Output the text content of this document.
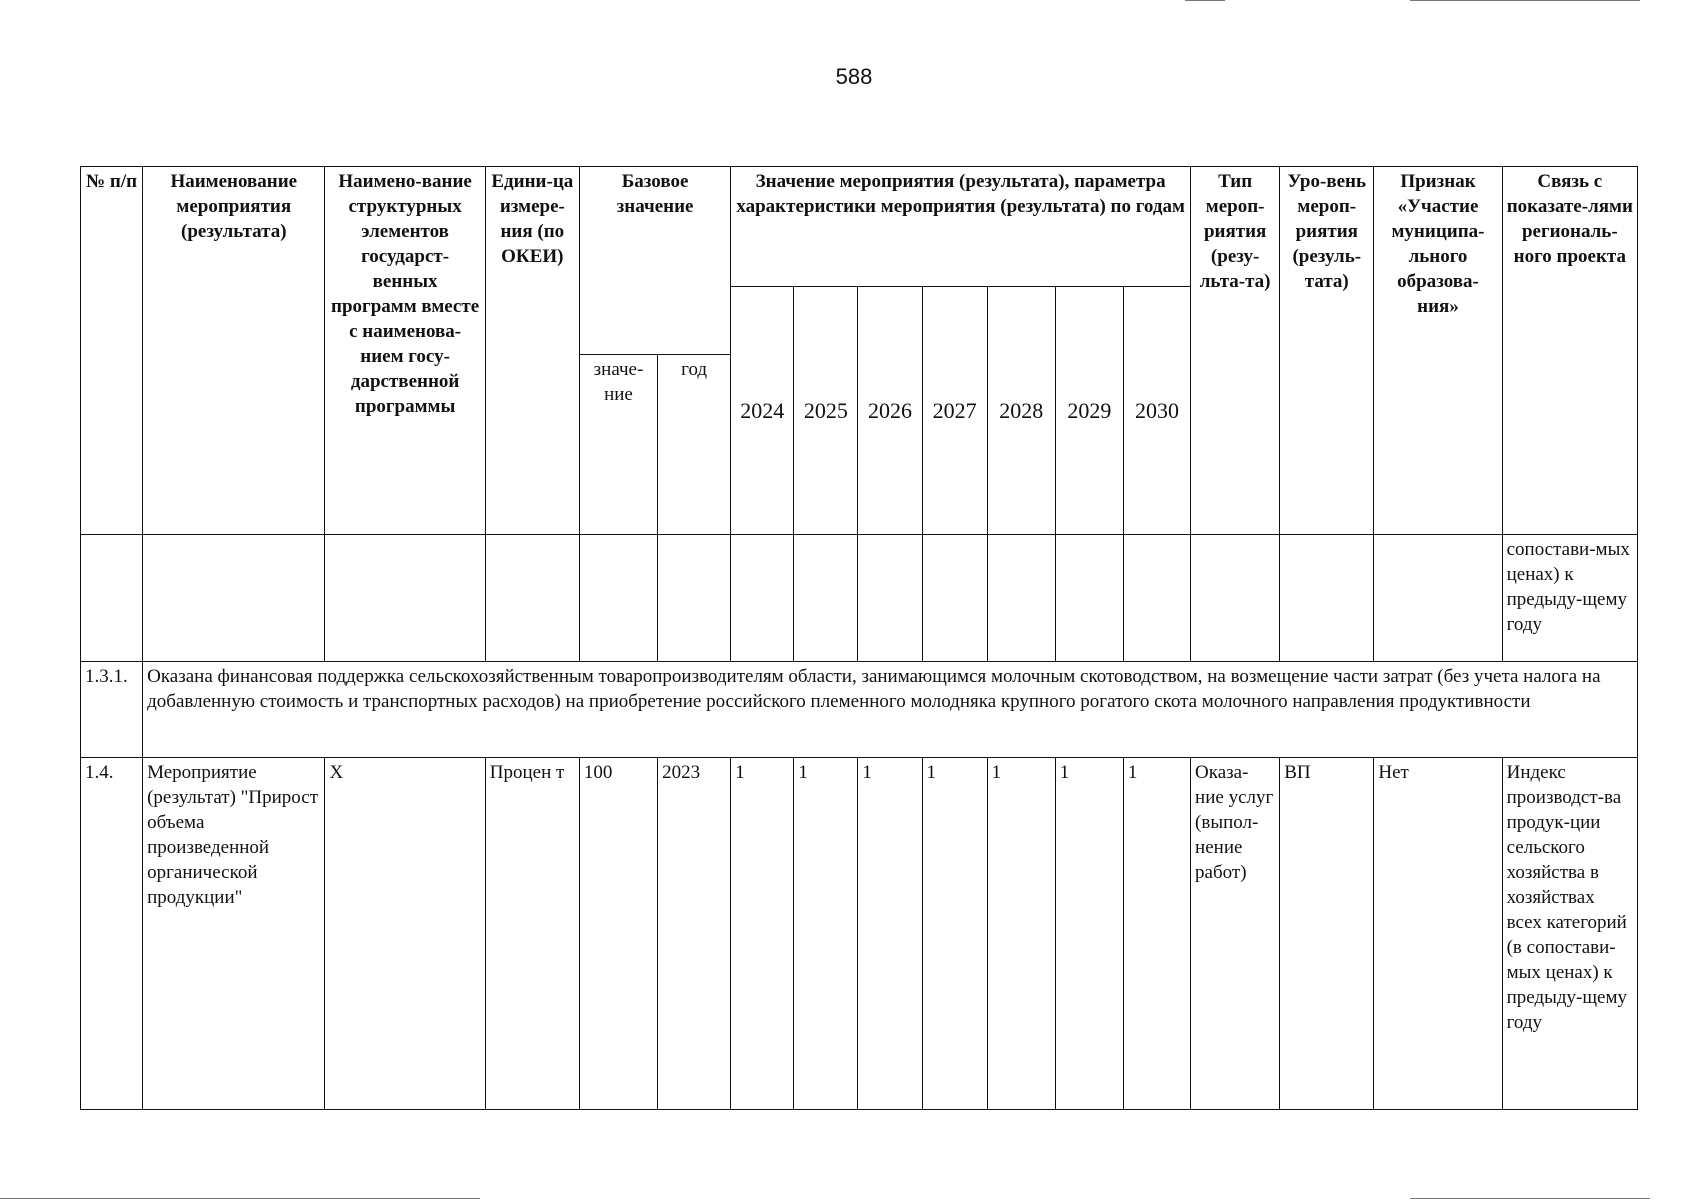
588
№ п/п	Наименование мероприятия (результата)	Наимено-вание структурных элементов государст-венных программ вместе с наименова-нием госу-дарственной программы	Едини-ца измере-ния (по ОКЕИ)	Базовое значение		Значение мероприятия (результата), параметра характеристики мероприятия (результата) по годам							Тип мероп-риятия (резу-льта-та)	Уро-вень мероп-риятия (резуль-тата)	Признак «Участие муниципа-льного образова-ния»	Связь с показате-лями региональ-ного проекта
						2024	2025	2026	2027	2028	2029	2030				
				значе-ние	год											
																сопостави-мых ценах) к предыду-щему году
1.3.1.	Оказана финансовая поддержка сельскохозяйственным товаропроизводителям области, занимающимся молочным скотоводством, на возмещение части затрат (без учета налога на добавленную стоимость и транспортных расходов) на приобретение российского племенного молодняка крупного рогатого скота молочного направления продуктивности															
1.4.	Мероприятие (результат) "Прирост объема произведенной органической продукции"	Х	Процен т	100	2023	1	1	1	1	1	1	1	Оказа-ние услуг (выпол-нение работ)	ВП	Нет	Индекс производст-ва продук-ции сельского хозяйства в хозяйствах всех категорий (в сопостави-мых ценах) к предыду-щему году
